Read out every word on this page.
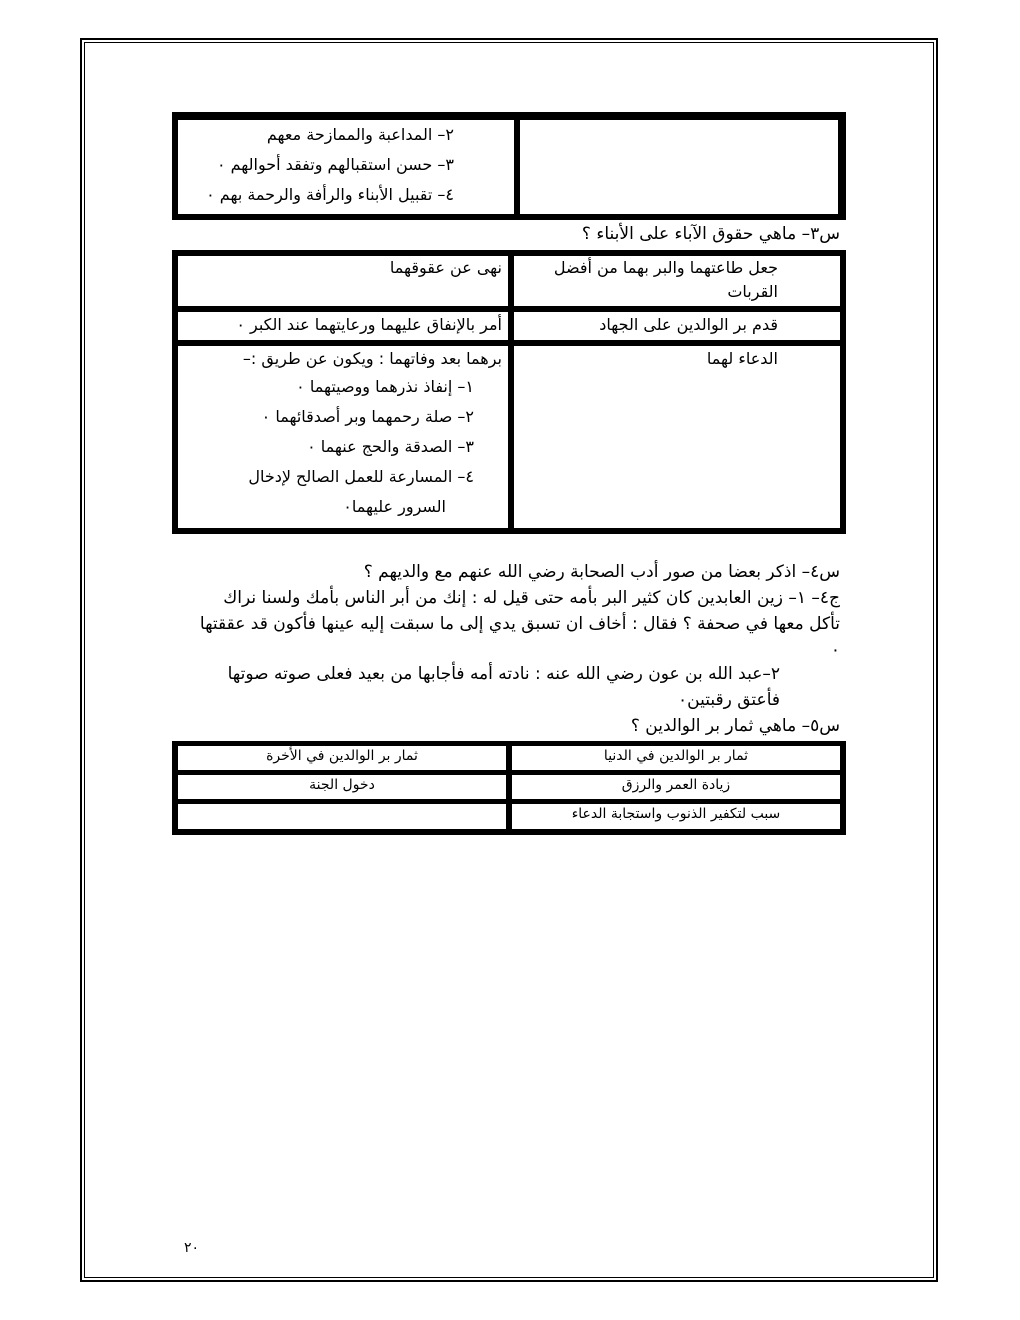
٢– المداعبة والممازحة معهم
٣– حسن استقبالهم وتفقد أحوالهم ٠
٤– تقبيل الأبناء والرأفة والرحمة بهم ٠
س٣– ماهي حقوق الآباء على الأبناء ؟
جعل طاعتهما والبر بهما من أفضل
القربات
نهى عن عقوقهما
قدم بر الوالدين على الجهاد
أمر بالإنفاق عليهما ورعايتهما عند الكبر ٠
الدعاء لهما
برهما بعد وفاتهما : ويكون عن طريق :–
١– إنفاذ نذرهما ووصيتهما ٠
٢– صلة رحمهما وبر أصدقائهما ٠
٣– الصدقة والحج عنهما ٠
٤– المسارعة للعمل الصالح لإدخال
السرور عليهما٠
س٤– اذكر بعضا من صور أدب الصحابة رضي الله عنهم مع والديهم ؟
ج٤– ١– زين العابدين كان كثير البر بأمه حتى قيل له : إنك من أبر الناس بأمك ولسنا نراك
تأكل معها في صحفة ؟ فقال : أخاف ان تسبق يدي إلى ما سبقت إليه عينها فأكون قد عققتها
٠
٢–عبد الله بن عون رضي الله عنه : نادته أمه فأجابها من بعيد فعلى صوته صوتها
فأعتق رقبتين٠
س٥– ماهي ثمار بر الوالدين ؟
ثمار بر الوالدين في الدنيا
ثمار بر الوالدين في الأخرة
زيادة العمر والرزق
دخول الجنة
سبب لتكفير الذنوب واستجابة الدعاء
٢٠
